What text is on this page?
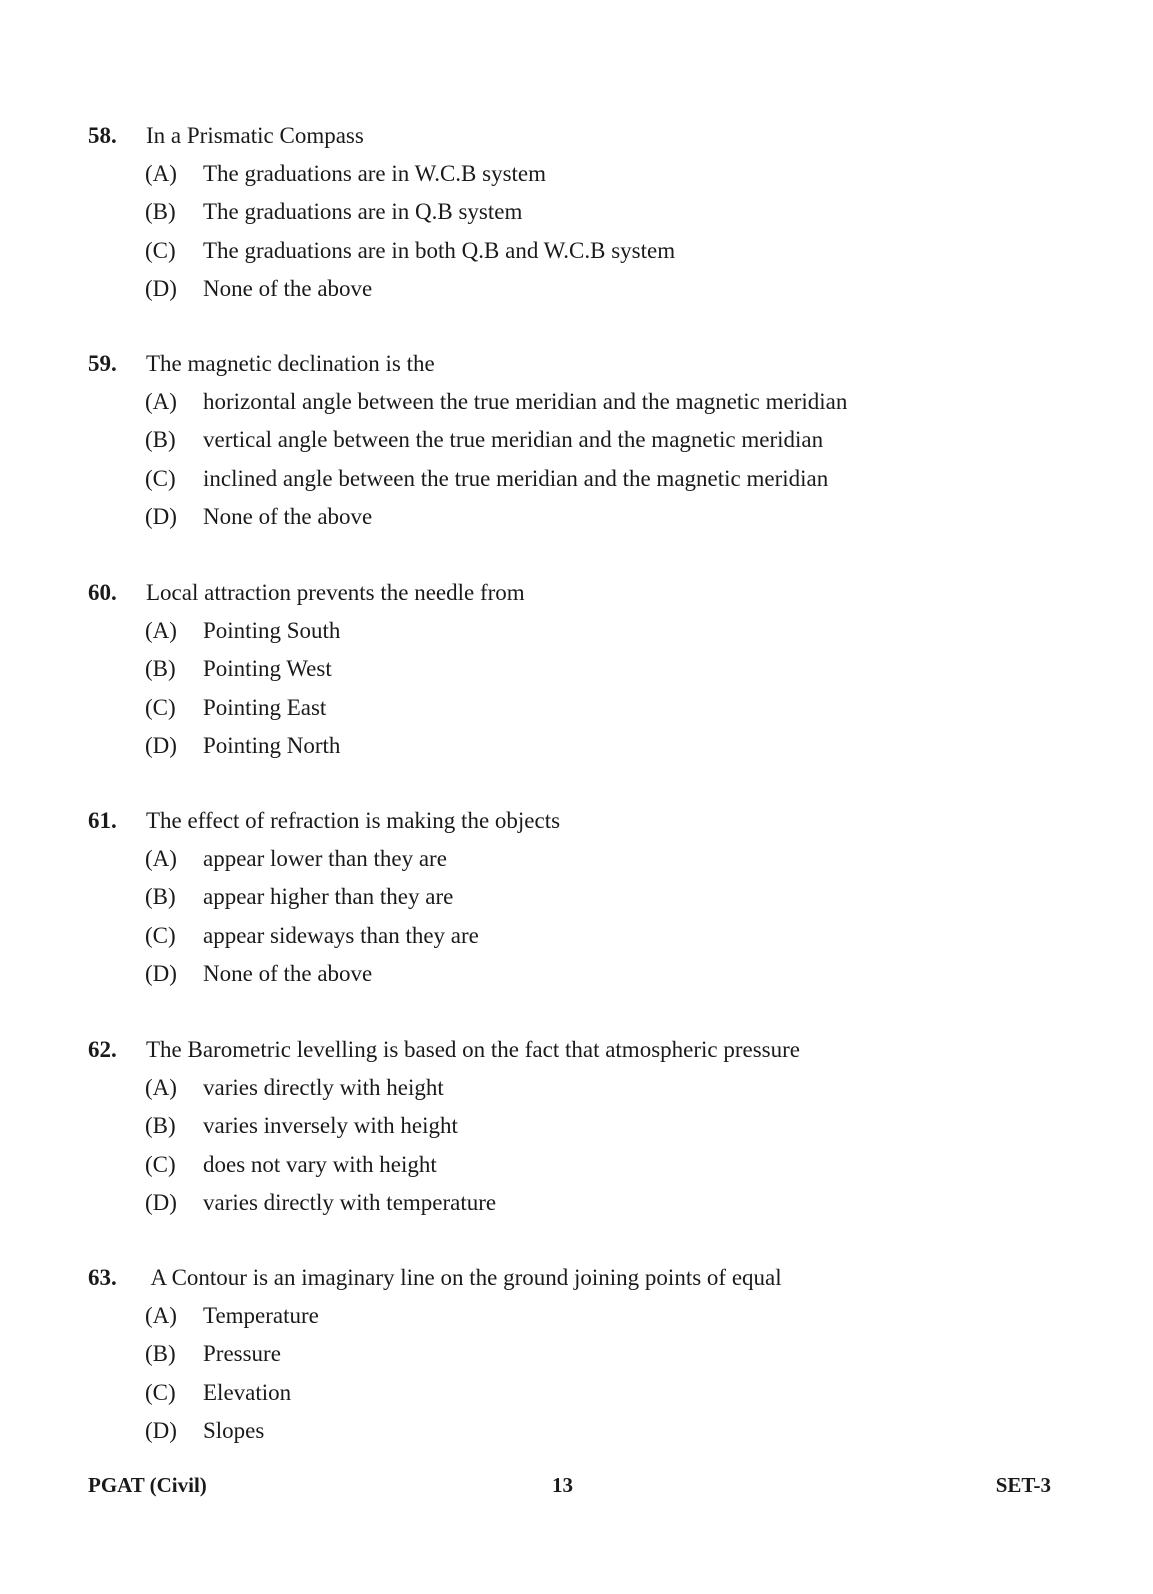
58. In a Prismatic Compass
(A) The graduations are in W.C.B system
(B) The graduations are in Q.B system
(C) The graduations are in both Q.B and W.C.B system
(D) None of the above
59. The magnetic declination is the
(A) horizontal angle between the true meridian and the magnetic meridian
(B) vertical angle between the true meridian and the magnetic meridian
(C) inclined angle between the true meridian and the magnetic meridian
(D) None of the above
60. Local attraction prevents the needle from
(A) Pointing South
(B) Pointing West
(C) Pointing East
(D) Pointing North
61. The effect of refraction is making the objects
(A) appear lower than they are
(B) appear higher than they are
(C) appear sideways than they are
(D) None of the above
62. The Barometric levelling is based on the fact that atmospheric pressure
(A) varies directly with height
(B) varies inversely with height
(C) does not vary with height
(D) varies directly with temperature
63. A Contour is an imaginary line on the ground joining points of equal
(A) Temperature
(B) Pressure
(C) Elevation
(D) Slopes
PGAT (Civil)	13	SET-3
